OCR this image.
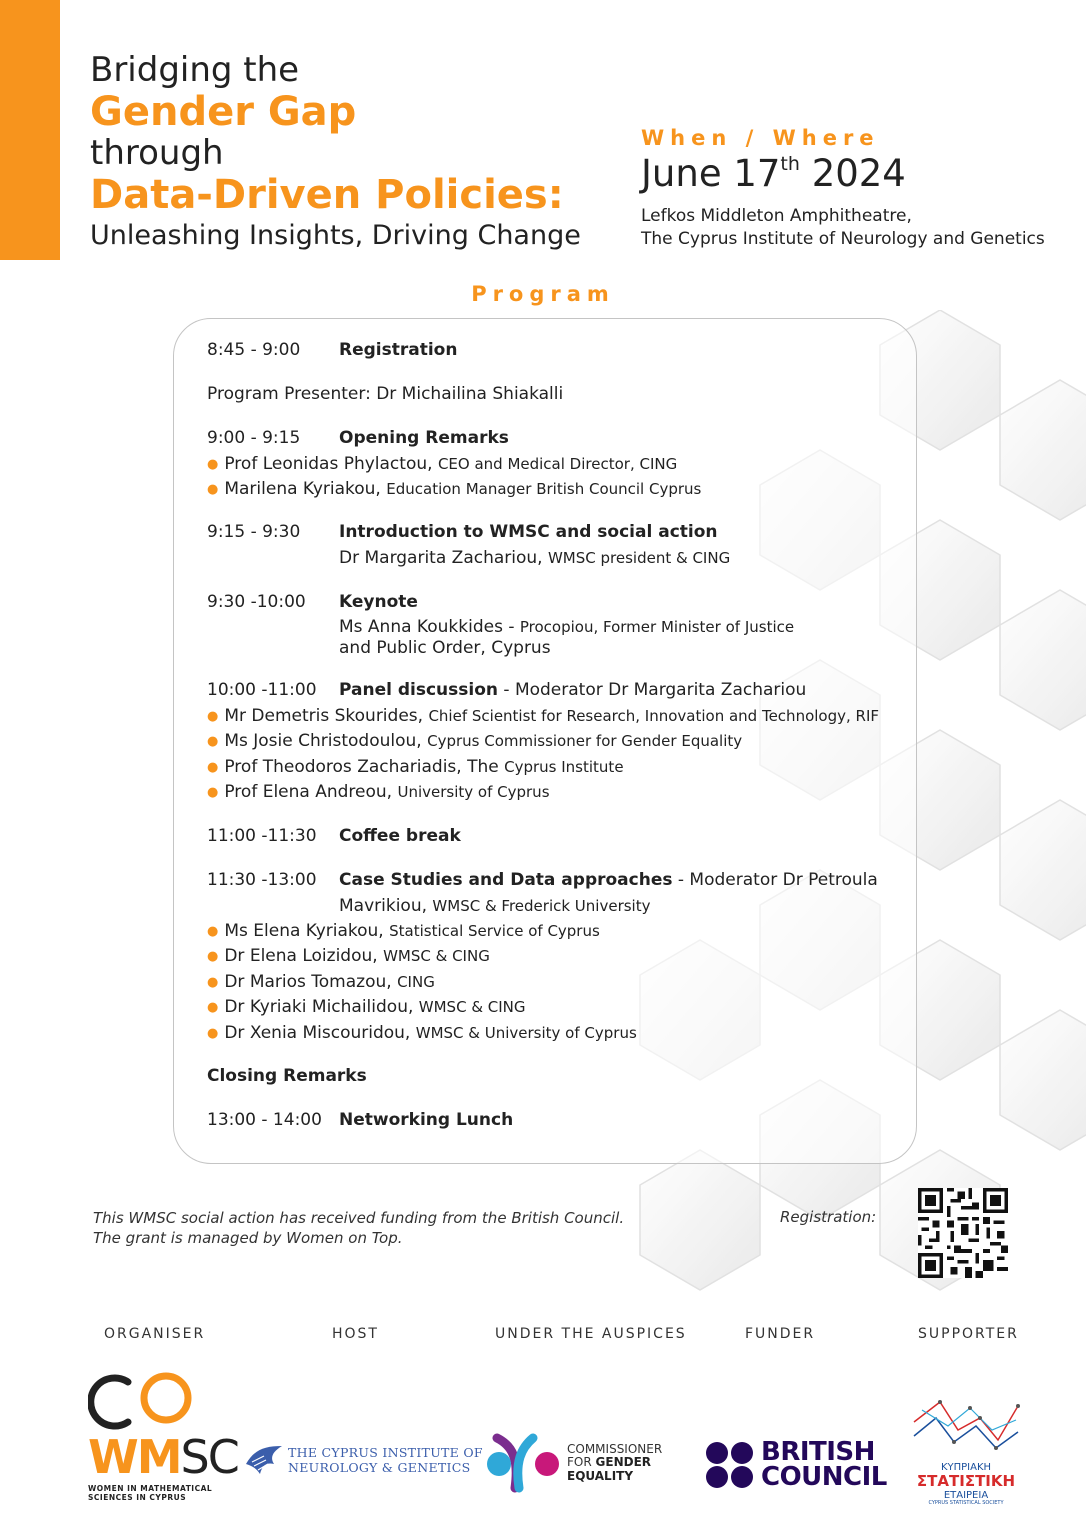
Bridging the
Gender Gap
through
Data-Driven Policies:
Unleashing Insights, Driving Change
When / Where
June 17th 2024
Lefkos Middleton Amphitheatre,
The Cyprus Institute of Neurology and Genetics
Program
8:45 - 9:00 Registration
Program Presenter: Dr Michailina Shiakalli
9:00 - 9:15 Opening Remarks
● Prof Leonidas Phylactou, CEO and Medical Director, CING
● Marilena Kyriakou, Education Manager British Council Cyprus
9:15 - 9:30 Introduction to WMSC and social action
Dr Margarita Zachariou, WMSC president & CING
9:30 -10:00 Keynote
Ms Anna Koukkides - Procopiou, Former Minister of Justice
and Public Order, Cyprus
10:00 -11:00 Panel discussion - Moderator Dr Margarita Zachariou
● Mr Demetris Skourides, Chief Scientist for Research, Innovation and Technology, RIF
● Ms Josie Christodoulou, Cyprus Commissioner for Gender Equality
● Prof Theodoros Zachariadis, The Cyprus Institute
● Prof Elena Andreou, University of Cyprus
11:00 -11:30 Coffee break
11:30 -13:00 Case Studies and Data approaches - Moderator Dr Petroula
Mavrikiou, WMSC & Frederick University
● Ms Elena Kyriakou, Statistical Service of Cyprus
● Dr Elena Loizidou, WMSC & CING
● Dr Marios Tomazou, CING
● Dr Kyriaki Michailidou, WMSC & CING
● Dr Xenia Miscouridou, WMSC & University of Cyprus
Closing Remarks
13:00 - 14:00 Networking Lunch
This WMSC social action has received funding from the British Council.
The grant is managed by Women on Top.
Registration:
ORGANISER	HOST	UNDER THE AUSPICES	FUNDER	SUPPORTER
WMSC
WOMEN IN MATHEMATICAL
SCIENCES IN CYPRUS
THE CYPRUS INSTITUTE OF
NEUROLOGY & GENETICS
COMMISSIONER
FOR GENDER
EQUALITY
BRITISH
COUNCIL	ΚΥΠΡΙΑΚΗ
ΣΤΑΤΙΣΤΙΚΗ
ΕΤΑΙΡΕΙΑ
CYPRUS STATISTICAL SOCIETY
